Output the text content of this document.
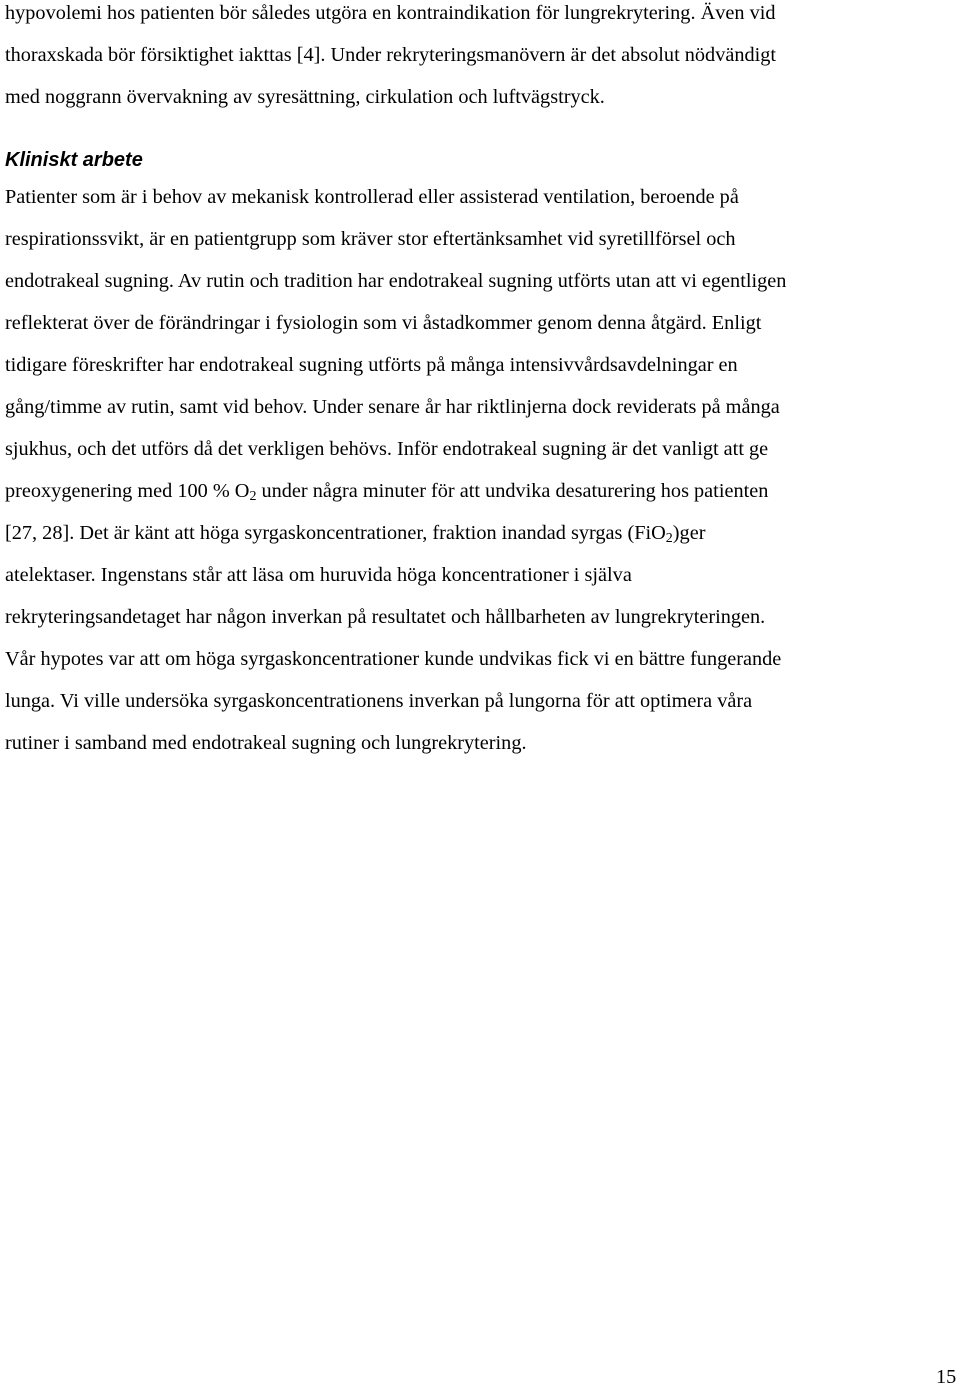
hypovolemi hos patienten bör således utgöra en kontraindikation för lungrekrytering. Även vid
thoraxskada bör försiktighet iakttas [4]. Under rekryteringsmanövern är det absolut nödvändigt
med noggrann övervakning av syresättning, cirkulation och luftvägstryck.
Kliniskt arbete
Patienter som är i behov av mekanisk kontrollerad eller assisterad ventilation, beroende på
respirationssvikt, är en patientgrupp som kräver stor eftertänksamhet vid syretillförsel och
endotrakeal sugning. Av rutin och tradition har endotrakeal sugning utförts utan att vi egentligen
reflekterat över de förändringar i fysiologin som vi åstadkommer genom denna åtgärd. Enligt
tidigare föreskrifter har endotrakeal sugning utförts på många intensivvårdsavdelningar en
gång/timme av rutin, samt vid behov. Under senare år har riktlinjerna dock reviderats på många
sjukhus, och det utförs då det verkligen behövs. Inför endotrakeal sugning är det vanligt att ge
preoxygenering med 100 % $O_2$ under några minuter för att undvika desaturering hos patienten
[27, 28]. Det är känt att höga syrgaskoncentrationer, fraktion inandad syrgas (FiO$_2$)ger
atelektaser. Ingenstans står att läsa om huruvida höga koncentrationer i själva
rekryteringsandetaget har någon inverkan på resultatet och hållbarheten av lungrekryteringen.
Vår hypotes var att om höga syrgaskoncentrationer kunde undvikas fick vi en bättre fungerande
lunga. Vi ville undersöka syrgaskoncentrationens inverkan på lungorna för att optimera våra
rutiner i samband med endotrakeal sugning och lungrekrytering.
15
